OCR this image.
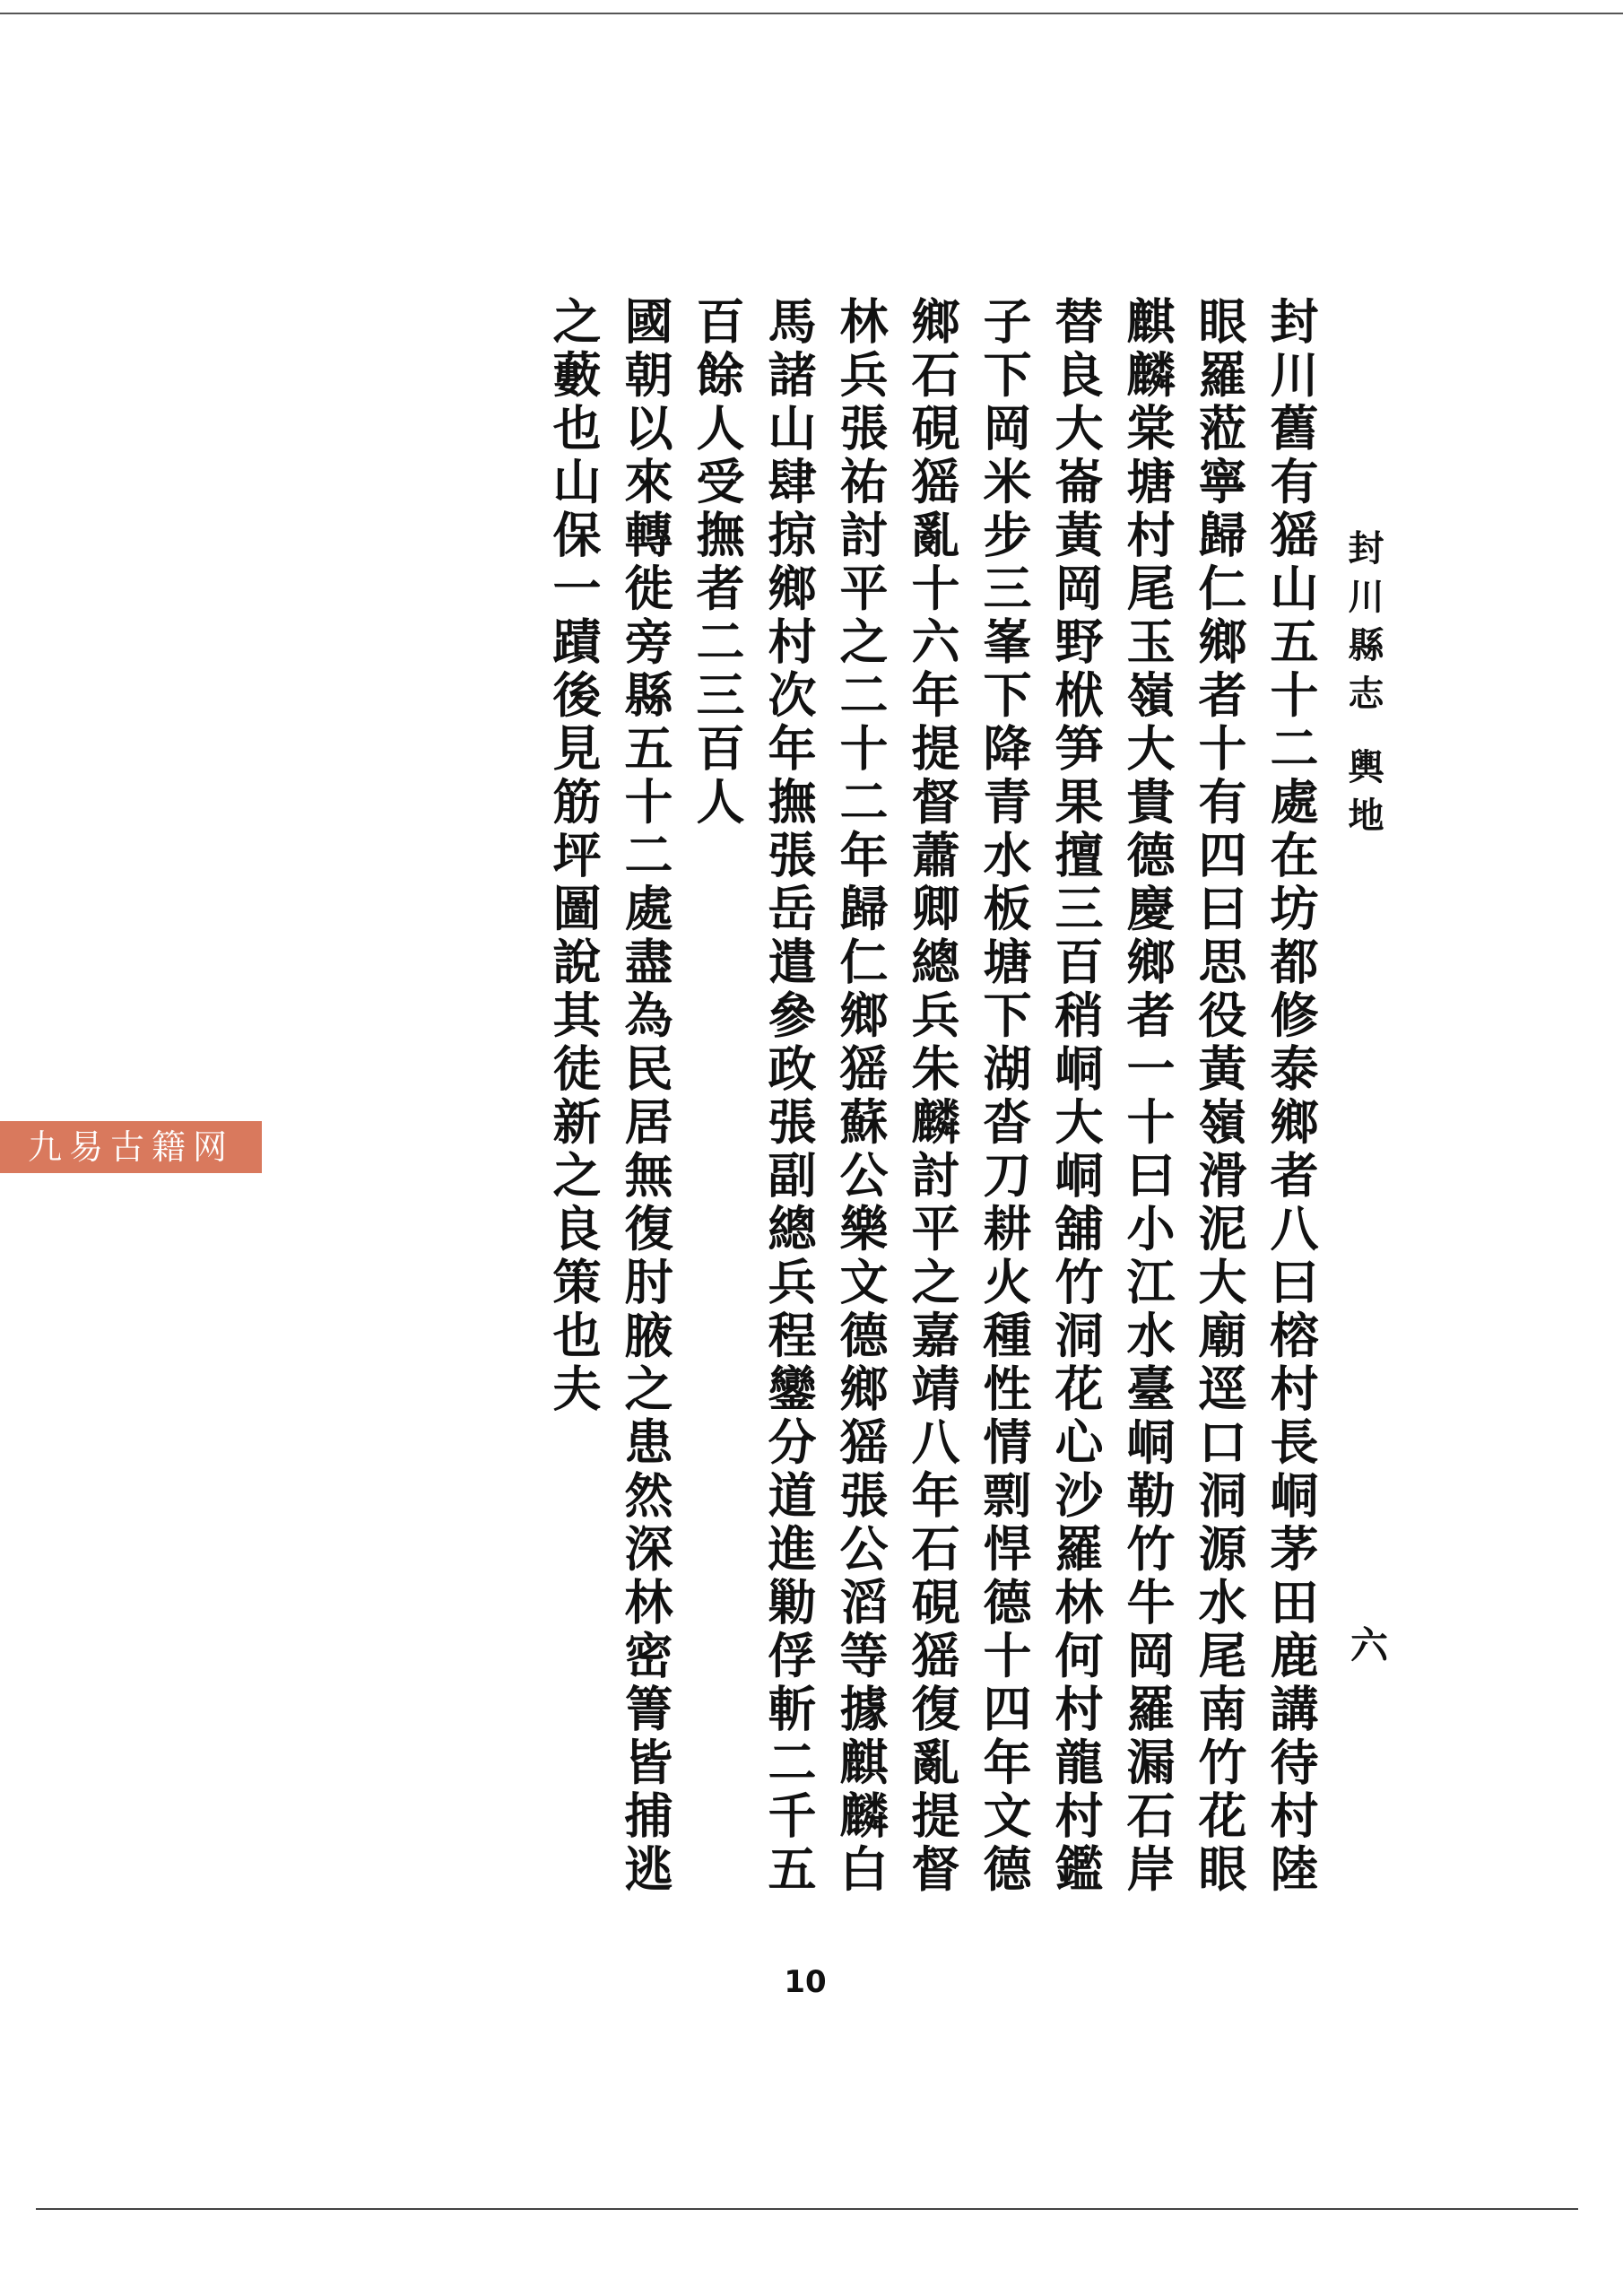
封川縣志 輿地
六

封川舊有猺山五十二處在坊都修泰鄉者八曰榕村長峒茅田鹿講待村陸眼羅蒞寧歸仁鄉者十有四曰思役黃嶺滑泥大廟逕口洞源水尾南竹花眼麒麟棠塘村尾玉嶺大貴德慶鄉者一十曰小江水臺峒勒竹牛岡羅漏石岸替良大崙黃岡野栿笋果擅三百稍峒大峒舖竹洞花心沙羅林何村龍村鑑子下岡米步三峯下降青水板塘下湖沓刀耕火種性情剽悍德十四年文德鄉石硯猺亂十六年提督蕭卿總兵朱麟討平之嘉靖八年石硯猺復亂提督林兵張祐討平之二十二年歸仁鄉猺蘇公樂文德鄉猺張公滔等據麒麟白馬諸山肆掠鄉村次年撫張岳遣參政張副總兵程鑾分道進勦俘斬二千五百餘人受撫者二三百人

國朝以來轉徙旁縣五十二處盡為民居無復肘腋之患然深林密箐皆捕逃之藪也山保一蹟後見筋坪圖說其徒新之良策也夫

10
九易古籍网
